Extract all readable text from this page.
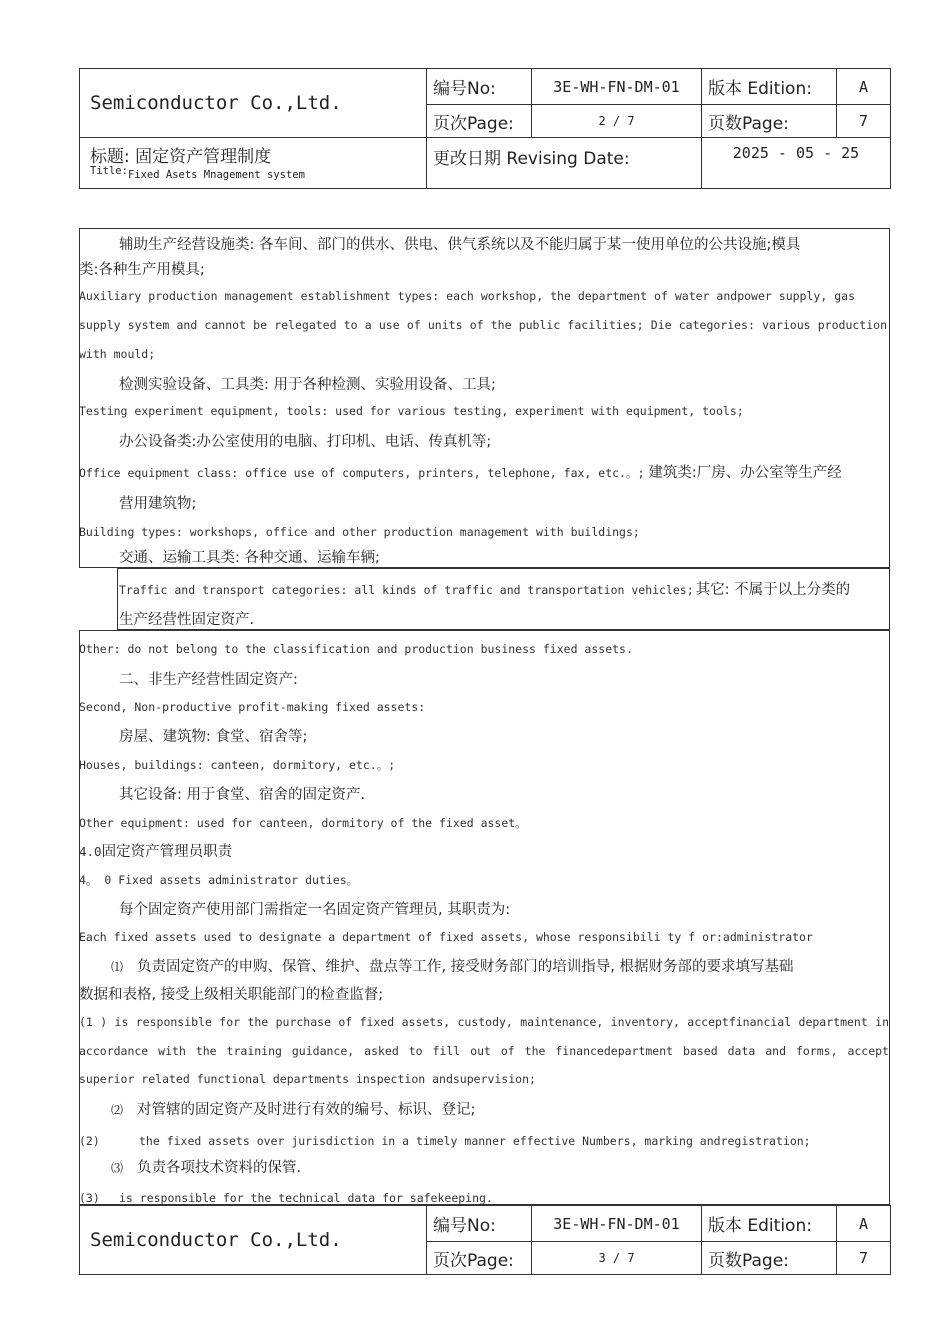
Semiconductor Co.,Ltd.	编号No:	3E-WH-FN-DM-01	版本 Edition:	A
	页次Page:	2 / 7	页数Page:	7

标题: 固定资产管理制度
Title:Fixed Asets Mnagement system	更改日期 Revising Date:		2025 - 05 - 25	
辅助生产经营设施类: 各车间、部门的供水、供电、供气系统以及不能归属于某一使用单位的公共设施;模具
类:各种生产用模具;
Auxiliary production management establishment types: each workshop, the department of water andpower supply, gas
supply system and cannot be relegated to a use of units of the public facilities; Die categories: various production
with mould;
检测实验设备、工具类: 用于各种检测、实验用设备、工具;
Testing experiment equipment, tools: used for various testing, experiment with equipment, tools;
办公设备类:办公室使用的电脑、打印机、电话、传真机等;
Office equipment class: office use of computers, printers, telephone, fax, etc.。; 建筑类:厂房、办公室等生产经
营用建筑物;
Building types: workshops, office and other production management with buildings;
交通、运输工具类: 各种交通、运输车辆;
Traffic and transport categories: all kinds of traffic and transportation vehicles; 其它: 不属于以上分类的
生产经营性固定资产.
Other: do not belong to the classification and production business fixed assets.
二、非生产经营性固定资产:
Second, Non-productive profit-making fixed assets:
房屋、建筑物: 食堂、宿舍等;
Houses, buildings: canteen, dormitory, etc.。;
其它设备: 用于食堂、宿舍的固定资产.
Other equipment: used for canteen, dormitory of the fixed asset。
4.0固定资产管理员职责
4。 0 Fixed assets administrator duties。
每个固定资产使用部门需指定一名固定资产管理员, 其职责为:
Each fixed assets used to designate a department of fixed assets, whose responsibili ty f or:administrator
⑴ 负责固定资产的申购、保管、维护、盘点等工作, 接受财务部门的培训指导, 根据财务部的要求填写基础
数据和表格, 接受上级相关职能部门的检查监督;
(1 ) is responsible for the purchase of fixed assets, custody, maintenance, inventory, acceptfinancial department in
accordance with the training guidance, asked to fill out of the financedepartment based data and forms, accept
superior related functional departments inspection andsupervision;
⑵ 对管辖的固定资产及时进行有效的编号、标识、登记;
(2)	the fixed assets over jurisdiction in a timely manner effective Numbers, marking andregistration;
⑶ 负责各项技术资料的保管.
(3) is responsible for the technical data for safekeeping.
Semiconductor Co.,Ltd.	编号No:	3E-WH-FN-DM-01	版本 Edition:	A
	页次Page:	3 / 7	页数Page:	7
